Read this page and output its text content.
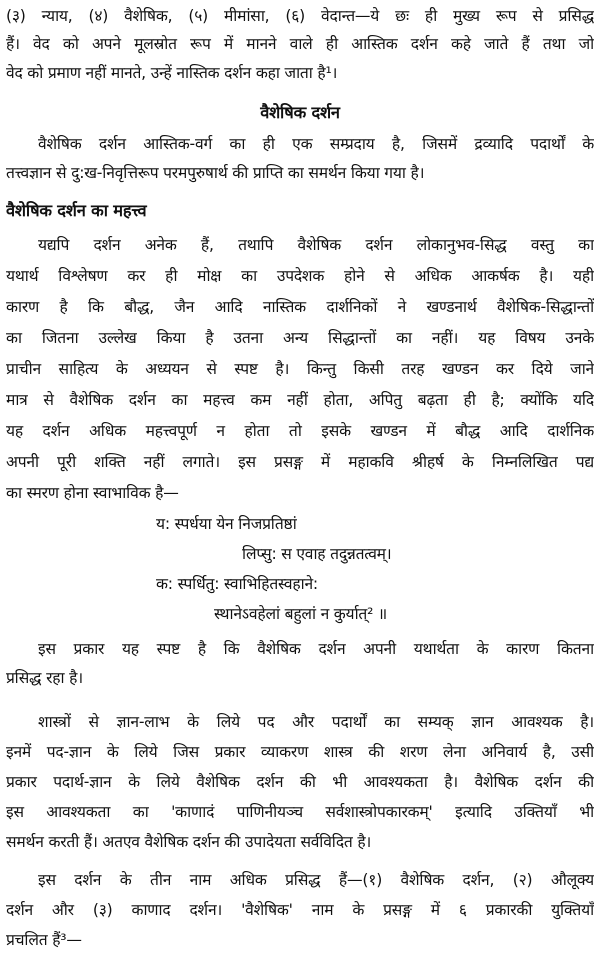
(३) न्याय, (४) वैशेषिक, (५) मीमांसा, (६) वेदान्त—ये छः ही मुख्य रूप से प्रसिद्ध
हैं। वेद को अपने मूलस्रोत रूप में मानने वाले ही आस्तिक दर्शन कहे जाते हैं तथा जो
वेद को प्रमाण नहीं मानते, उन्हें नास्तिक दर्शन कहा जाता है¹।
वैशेषिक दर्शन
वैशेषिक दर्शन आस्तिक-वर्ग का ही एक सम्प्रदाय है, जिसमें द्रव्यादि पदार्थों के
तत्त्वज्ञान से दु:ख-निवृत्तिरूप परमपुरुषार्थ की प्राप्ति का समर्थन किया गया है।
वैशेषिक दर्शन का महत्त्व
यद्यपि दर्शन अनेक हैं, तथापि वैशेषिक दर्शन लोकानुभव-सिद्ध वस्तु का
यथार्थ विश्लेषण कर ही मोक्ष का उपदेशक होने से अधिक आकर्षक है। यही
कारण है कि बौद्ध, जैन आदि नास्तिक दार्शनिकों ने खण्डनार्थ वैशेषिक-सिद्धान्तों
का जितना उल्लेख किया है उतना अन्य सिद्धान्तों का नहीं। यह विषय उनके
प्राचीन साहित्य के अध्ययन से स्पष्ट है। किन्तु किसी तरह खण्डन कर दिये जाने
मात्र से वैशेषिक दर्शन का महत्त्व कम नहीं होता, अपितु बढ़ता ही है; क्योंकि यदि
यह दर्शन अधिक महत्त्वपूर्ण न होता तो इसके खण्डन में बौद्ध आदि दार्शनिक
अपनी पूरी शक्ति नहीं लगाते। इस प्रसङ्ग में महाकवि श्रीहर्ष के निम्नलिखित पद्य
का स्मरण होना स्वाभाविक है—
य: स्पर्धया येन निजप्रतिष्ठां
लिप्सु: स एवाह तदुन्नतत्वम्।
क: स्पर्धितु: स्वाभिहितस्वहाने:
स्थानेऽवहेलां बहुलां न कुर्यात्² ॥
इस प्रकार यह स्पष्ट है कि वैशेषिक दर्शन अपनी यथार्थता के कारण कितना
प्रसिद्ध रहा है।
शास्त्रों से ज्ञान-लाभ के लिये पद और पदार्थों का सम्यक् ज्ञान आवश्यक है।
इनमें पद-ज्ञान के लिये जिस प्रकार व्याकरण शास्त्र की शरण लेना अनिवार्य है, उसी
प्रकार पदार्थ-ज्ञान के लिये वैशेषिक दर्शन की भी आवश्यकता है। वैशेषिक दर्शन की
इस आवश्यकता का 'काणादं पाणिनीयञ्च सर्वशास्त्रोपकारकम्' इत्यादि उक्तियाँ भी
समर्थन करती हैं। अतएव वैशेषिक दर्शन की उपादेयता सर्वविदित है।
इस दर्शन के तीन नाम अधिक प्रसिद्ध हैं—(१) वैशेषिक दर्शन, (२) औलूक्य
दर्शन और (३) काणाद दर्शन। 'वैशेषिक' नाम के प्रसङ्ग में ६ प्रकारकी युक्तियाँ
प्रचलित हैं³—
